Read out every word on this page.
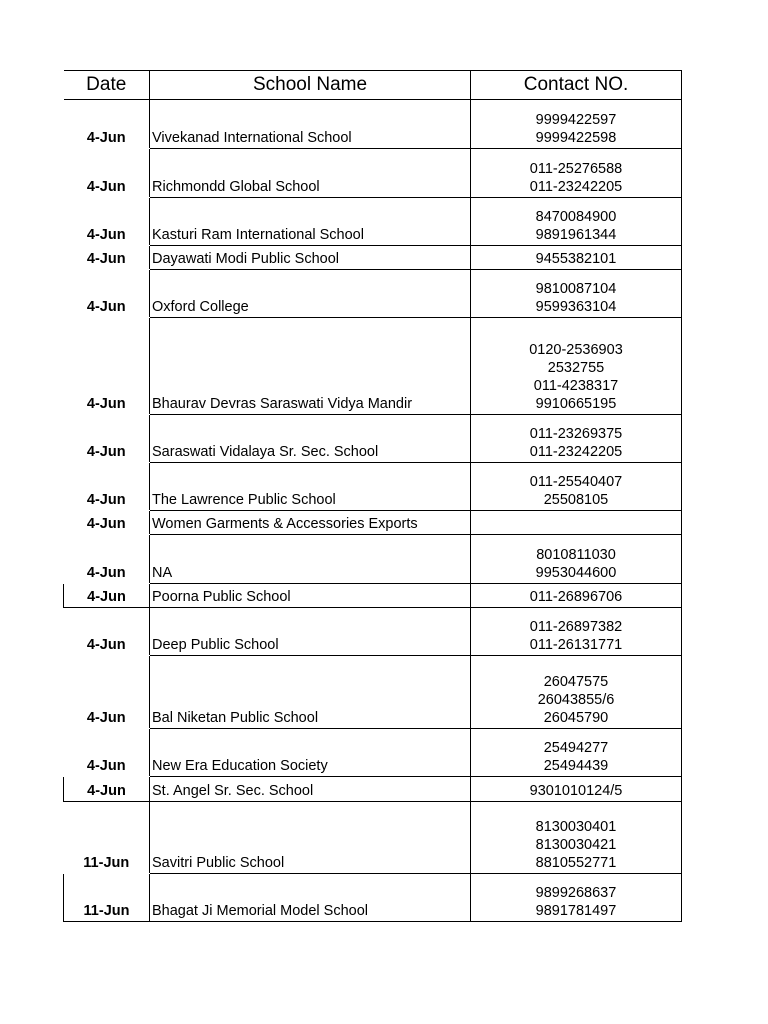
Date	School Name	Contact NO.
4-Jun	Vivekanad International School	9999422597
9999422598

4-Jun	Richmondd Global School	011-25276588
011-23242205

4-Jun	Kasturi Ram International School	8470084900
9891961344

4-Jun	Dayawati Modi Public School	9455382101

4-Jun	Oxford College	9810087104
9599363104

4-Jun	Bhaurav Devras Saraswati Vidya Mandir	0120-2536903
2532755
011-4238317
9910665195

4-Jun	Saraswati Vidalaya Sr. Sec. School	011-23269375
011-23242205

4-Jun	The Lawrence Public School	011-25540407
25508105

4-Jun	Women Garments & Accessories Exports	
4-Jun	NA	8010811030
9953044600

4-Jun	Poorna Public School	011-26896706

4-Jun	Deep Public School	011-26897382
011-26131771

4-Jun	Bal Niketan Public School	26047575
26043855/6
26045790

4-Jun	New Era Education Society	25494277
25494439

4-Jun	St. Angel Sr. Sec. School	9301010124/5

11-Jun	Savitri Public School	8130030401
8130030421
8810552771

11-Jun	Bhagat Ji Memorial Model School	9899268637
9891781497
